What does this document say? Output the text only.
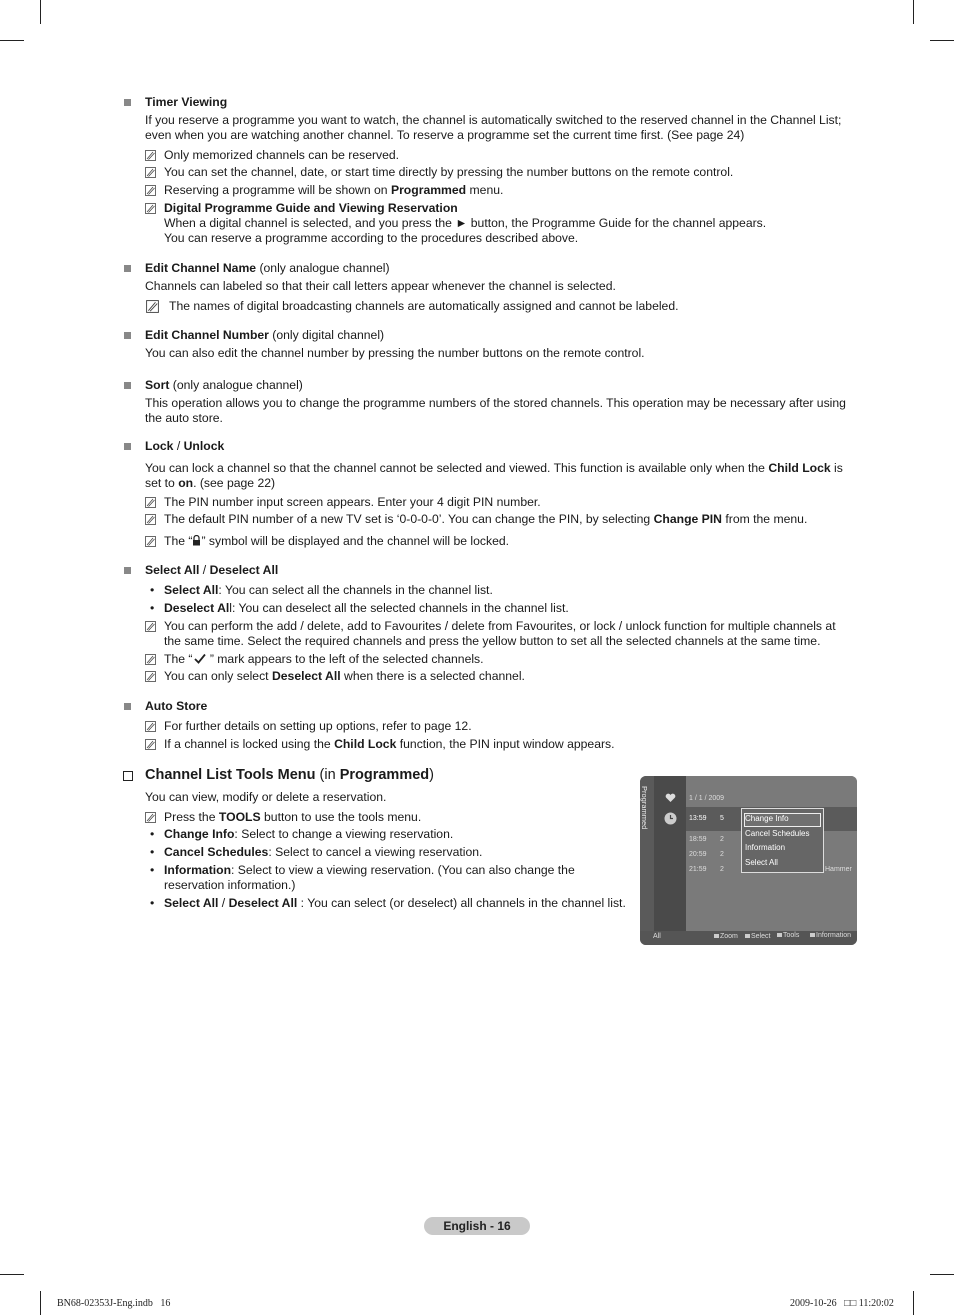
Timer Viewing
If you reserve a programme you want to watch, the channel is automatically switched to the reserved channel in the Channel List; even when you are watching another channel. To reserve a programme set the current time first. (See page 24)
Only memorized channels can be reserved.
You can set the channel, date, or start time directly by pressing the number buttons on the remote control.
Reserving a programme will be shown on Programmed menu.
Digital Programme Guide and Viewing Reservation
When a digital channel is selected, and you press the ► button, the Programme Guide for the channel appears.
You can reserve a programme according to the procedures described above.
Edit Channel Name (only analogue channel)
Channels can labeled so that their call letters appear whenever the channel is selected.
The names of digital broadcasting channels are automatically assigned and cannot be labeled.
Edit Channel Number (only digital channel)
You can also edit the channel number by pressing the number buttons on the remote control.
Sort (only analogue channel)
This operation allows you to change the programme numbers of the stored channels. This operation may be necessary after using the auto store.
Lock / Unlock
You can lock a channel so that the channel cannot be selected and viewed. This function is available only when the Child Lock is set to on. (see page 22)
The PIN number input screen appears. Enter your 4 digit PIN number.
The default PIN number of a new TV set is ‘0-0-0-0’. You can change the PIN, by selecting Change PIN from the menu.
The “ ” symbol will be displayed and the channel will be locked.
Select All / Deselect All
• Select All: You can select all the channels in the channel list.
• Deselect All: You can deselect all the selected channels in the channel list.
You can perform the add / delete, add to Favourites / delete from Favourites, or lock / unlock function for multiple channels at the same time. Select the required channels and press the yellow button to set all the selected channels at the same time.
The “ ” mark appears to the left of the selected channels.
You can only select Deselect All when there is a selected channel.
Auto Store
For further details on setting up options, refer to page 12.
If a channel is locked using the Child Lock function, the PIN input window appears.
Channel List Tools Menu (in Programmed)
You can view, modify or delete a reservation.
Press the TOOLS button to use the tools menu.
• Change Info: Select to change a viewing reservation.
• Cancel Schedules: Select to cancel a viewing reservation.
• Information: Select to view a viewing reservation. (You can also change the reservation information.)
• Select All / Deselect All : You can select (or deselect) all channels in the channel list.
Programmed	1 / 1 / 2009
13:59 5
18:59 2
20:59 2
21:59 2	Hammer
Change Info
Cancel Schedules
Information
Select All
All	Zoom	Select	Tools	Information
English - 16
BN68-02353J-Eng.indb   16	2009-10-26   □□ 11:20:02
